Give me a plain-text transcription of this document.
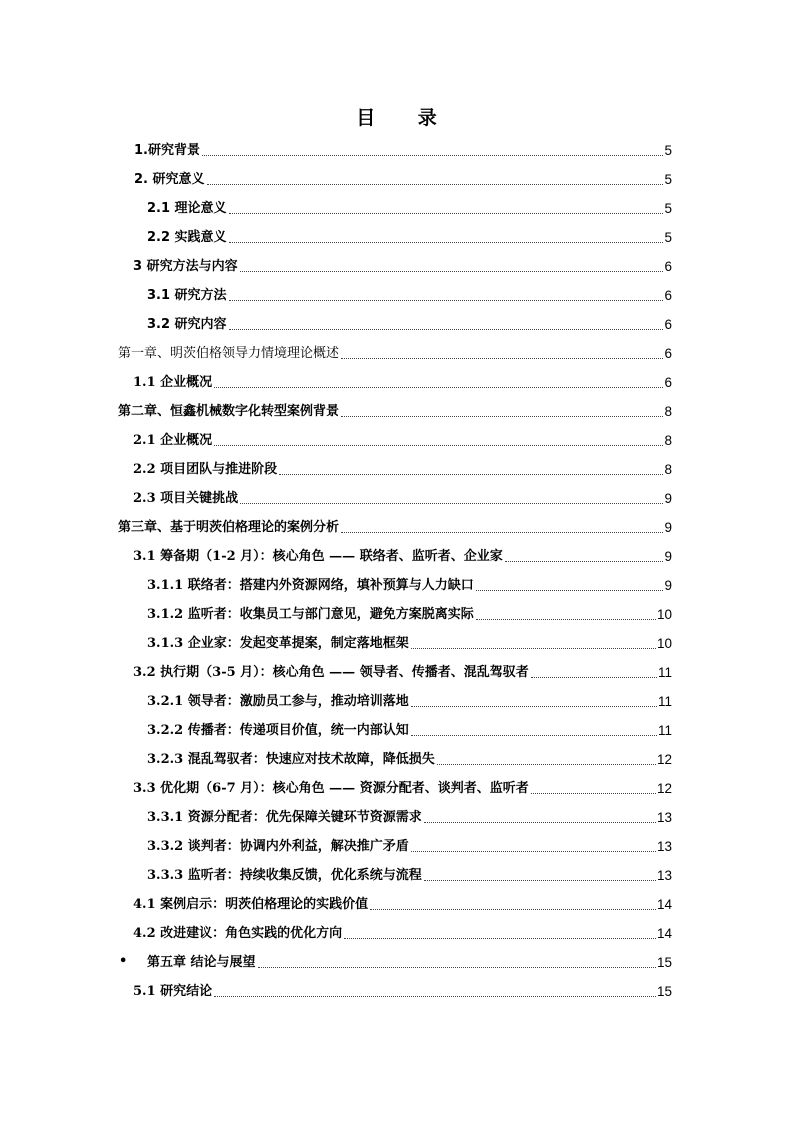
目 录
1.研究背景	5
2. 研究意义	5
2.1 理论意义	5
2.2 实践意义	5
3 研究方法与内容	6
3.1 研究方法	6
3.2 研究内容	6
第一章、明茨伯格领导力情境理论概述	6
1.1 企业概况	6
第二章、恒鑫机械数字化转型案例背景	8
2.1 企业概况	8
2.2 项目团队与推进阶段	8
2.3 项目关键挑战	9
第三章、基于明茨伯格理论的案例分析	9
3.1 筹备期（1-2 月）：核心角色 —— 联络者、监听者、企业家	9
3.1.1 联络者：搭建内外资源网络，填补预算与人力缺口	9
3.1.2 监听者：收集员工与部门意见，避免方案脱离实际	10
3.1.3 企业家：发起变革提案，制定落地框架	10
3.2 执行期（3-5 月）：核心角色 —— 领导者、传播者、混乱驾驭者	11
3.2.1 领导者：激励员工参与，推动培训落地	11
3.2.2 传播者：传递项目价值，统一内部认知	11
3.2.3 混乱驾驭者：快速应对技术故障，降低损失	12
3.3 优化期（6-7 月）：核心角色 —— 资源分配者、谈判者、监听者	12
3.3.1 资源分配者：优先保障关键环节资源需求	13
3.3.2 谈判者：协调内外利益，解决推广矛盾	13
3.3.3 监听者：持续收集反馈，优化系统与流程	13
4.1 案例启示：明茨伯格理论的实践价值	14
4.2 改进建议：角色实践的优化方向	14
• 第五章 结论与展望	15
5.1 研究结论	15
